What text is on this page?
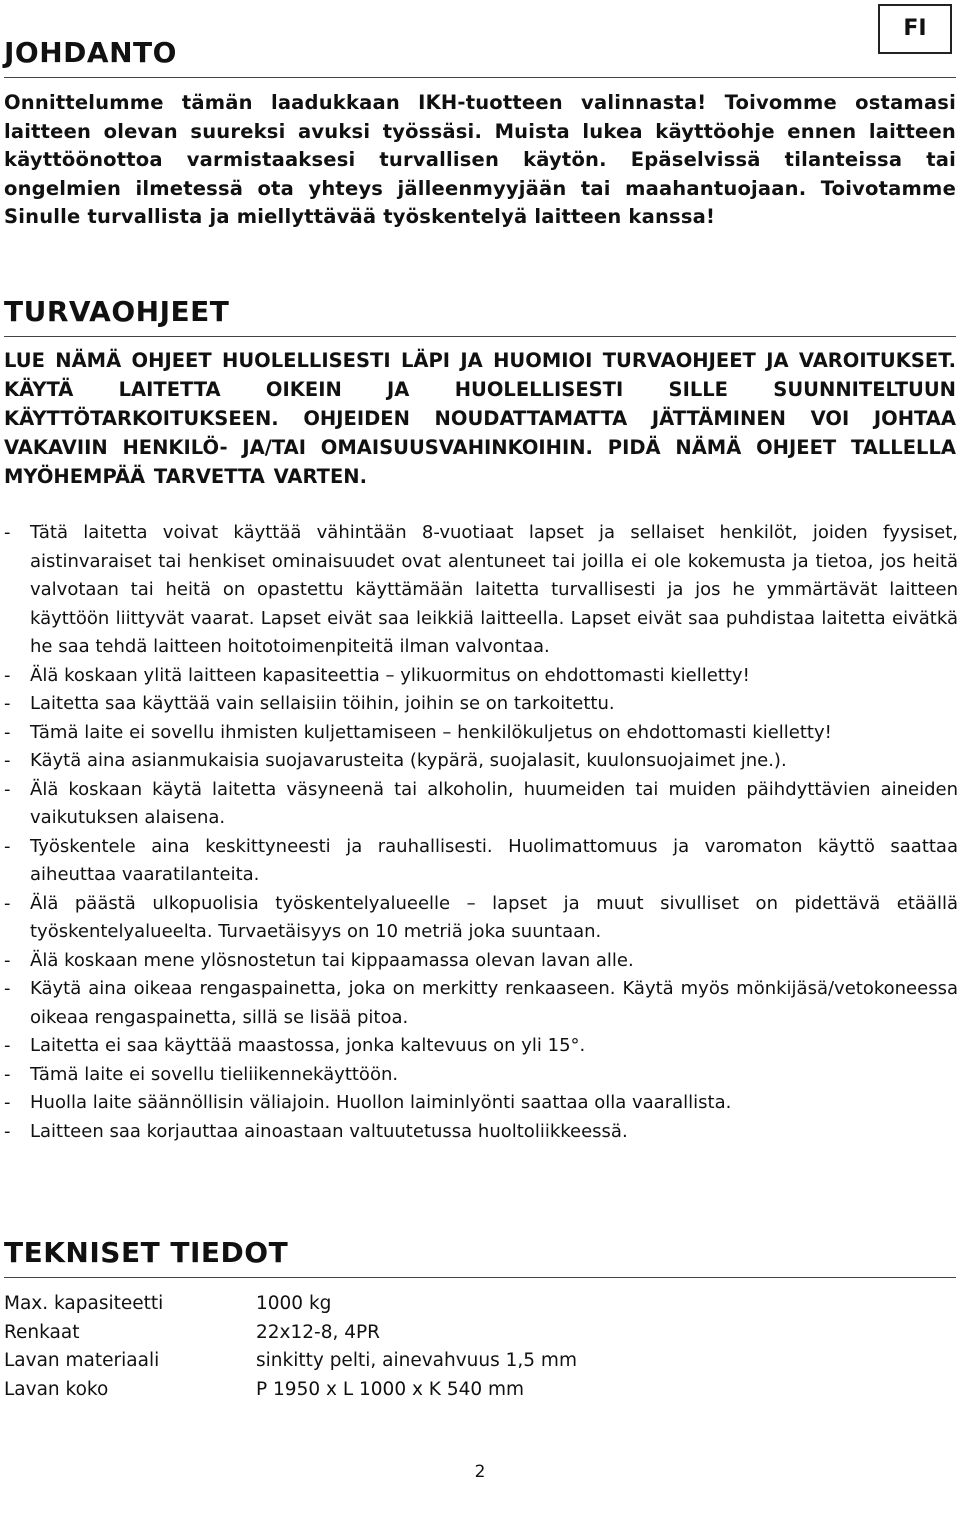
FI
JOHDANTO
Onnittelumme tämän laadukkaan IKH-tuotteen valinnasta! Toivomme ostamasi laitteen olevan suureksi avuksi työssäsi. Muista lukea käyttöohje ennen laitteen käyttöönottoa varmistaaksesi turvallisen käytön. Epäselvissä tilanteissa tai ongelmien ilmetessä ota yhteys jälleenmyyjään tai maahantuojaan. Toivotamme Sinulle turvallista ja miellyttävää työskentelyä laitteen kanssa!
TURVAOHJEET
LUE NÄMÄ OHJEET HUOLELLISESTI LÄPI JA HUOMIOI TURVAOHJEET JA VAROITUKSET. KÄYTÄ LAITETTA OIKEIN JA HUOLELLISESTI SILLE SUUNNITELTUUN KÄYTTÖTARKOITUKSEEN. OHJEIDEN NOUDATTAMATTA JÄTTÄMINEN VOI JOHTAA VAKAVIIN HENKILÖ- JA/TAI OMAISUUSVAHINKOIHIN. PIDÄ NÄMÄ OHJEET TALLELLA MYÖHEMPÄÄ TARVETTA VARTEN.
- Tätä laitetta voivat käyttää vähintään 8-vuotiaat lapset ja sellaiset henkilöt, joiden fyysiset, aistinvaraiset tai henkiset ominaisuudet ovat alentuneet tai joilla ei ole kokemusta ja tietoa, jos heitä valvotaan tai heitä on opastettu käyttämään laitetta turvallisesti ja jos he ymmärtävät laitteen käyttöön liittyvät vaarat. Lapset eivät saa leikkiä laitteella. Lapset eivät saa puhdistaa laitetta eivätkä he saa tehdä laitteen hoitotoimenpiteitä ilman valvontaa.
- Älä koskaan ylitä laitteen kapasiteettia – ylikuormitus on ehdottomasti kielletty!
- Laitetta saa käyttää vain sellaisiin töihin, joihin se on tarkoitettu.
- Tämä laite ei sovellu ihmisten kuljettamiseen – henkilökuljetus on ehdottomasti kielletty!
- Käytä aina asianmukaisia suojavarusteita (kypärä, suojalasit, kuulonsuojaimet jne.).
- Älä koskaan käytä laitetta väsyneenä tai alkoholin, huumeiden tai muiden päihdyttävien aineiden vaikutuksen alaisena.
- Työskentele aina keskittyneesti ja rauhallisesti. Huolimattomuus ja varomaton käyttö saattaa aiheuttaa vaaratilanteita.
- Älä päästä ulkopuolisia työskentelyalueelle – lapset ja muut sivulliset on pidettävä etäällä työskentelyalueelta. Turvaetäisyys on 10 metriä joka suuntaan.
- Älä koskaan mene ylösnostetun tai kippaamassa olevan lavan alle.
- Käytä aina oikeaa rengaspainetta, joka on merkitty renkaaseen. Käytä myös mönkijäsä/vetokoneessa oikeaa rengaspainetta, sillä se lisää pitoa.
- Laitetta ei saa käyttää maastossa, jonka kaltevuus on yli 15°.
- Tämä laite ei sovellu tieliikennekäyttöön.
- Huolla laite säännöllisin väliajoin. Huollon laiminlyönti saattaa olla vaarallista.
- Laitteen saa korjauttaa ainoastaan valtuutetussa huoltoliikkeessä.
TEKNISET TIEDOT
Max. kapasiteetti	1000 kg
Renkaat	22x12-8, 4PR
Lavan materiaali	sinkitty pelti, ainevahvuus 1,5 mm
Lavan koko	P 1950 x L 1000 x K 540 mm
2
